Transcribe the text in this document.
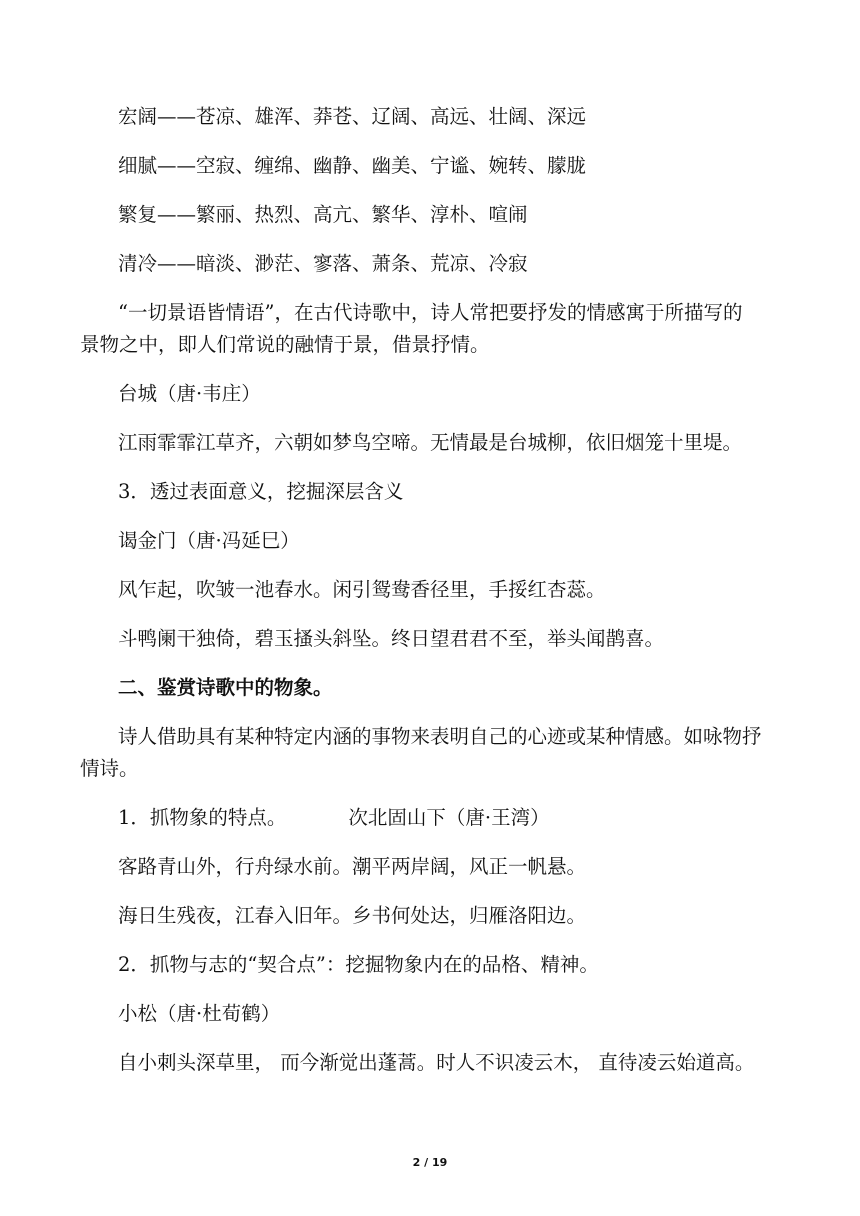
宏阔——苍凉、雄浑、莽苍、辽阔、高远、壮阔、深远
细腻——空寂、缠绵、幽静、幽美、宁谧、婉转、朦胧
繁复——繁丽、热烈、高亢、繁华、淳朴、喧闹
清冷——暗淡、渺茫、寥落、萧条、荒凉、冷寂
“一切景语皆情语”，在古代诗歌中，诗人常把要抒发的情感寓于所描写的
景物之中，即人们常说的融情于景，借景抒情。
台城（唐·韦庄）
江雨霏霏江草齐，六朝如梦鸟空啼。无情最是台城柳，依旧烟笼十里堤。
3．透过表面意义，挖掘深层含义
谒金门（唐·冯延巳）
风乍起，吹皱一池春水。闲引鸳鸯香径里，手挼红杏蕊。
斗鸭阑干独倚，碧玉搔头斜坠。终日望君君不至，举头闻鹊喜。
二、鉴赏诗歌中的物象。
诗人借助具有某种特定内涵的事物来表明自己的心迹或某种情感。如咏物抒
情诗。
1．抓物象的特点。	次北固山下（唐·王湾）
客路青山外，行舟绿水前。潮平两岸阔，风正一帆悬。
海日生残夜，江春入旧年。乡书何处达，归雁洛阳边。
2．抓物与志的“契合点”：挖掘物象内在的品格、精神。
小松（唐·杜荀鹤）
自小刺头深草里， 而今渐觉出蓬蒿。时人不识凌云木， 直待凌云始道高。
2 / 19
